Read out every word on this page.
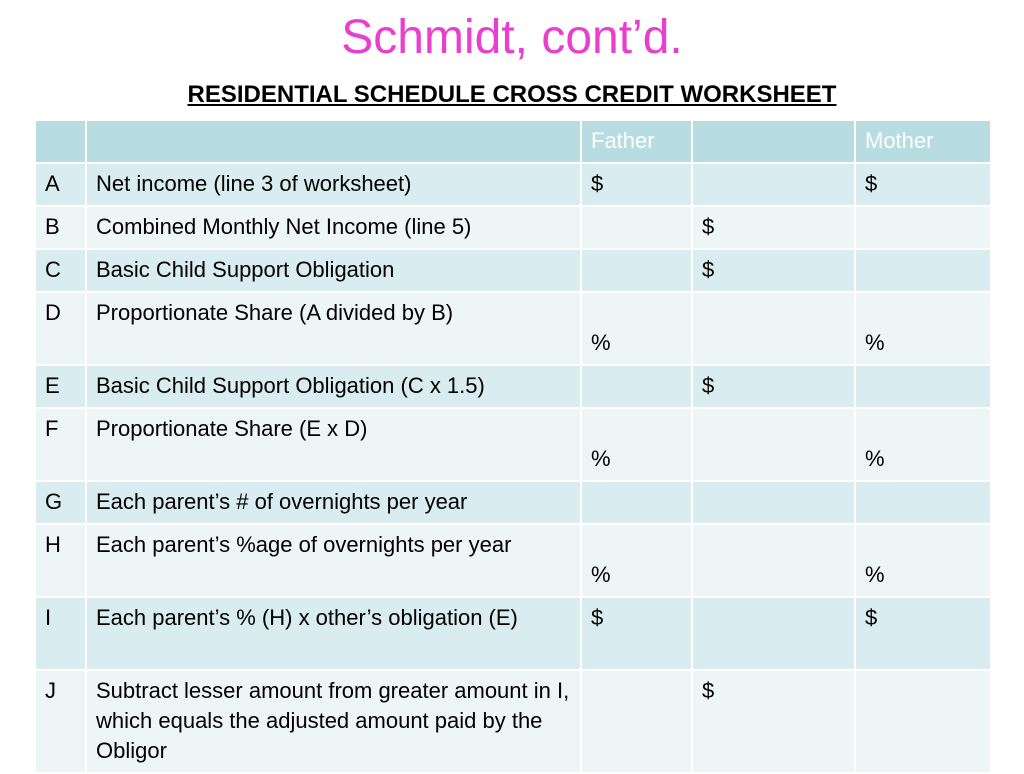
Schmidt, cont’d.
RESIDENTIAL SCHEDULE CROSS CREDIT WORKSHEET
		Father		Mother
A	Net income (line 3 of worksheet)	$		$
B	Combined Monthly Net Income (line 5)		$	
C	Basic Child Support Obligation		$	
D	Proportionate Share (A divided by B)	%		%

E	Basic Child Support Obligation (C x 1.5)		$	
F	Proportionate Share (E x D)	%		%

G	Each parent’s # of overnights per year			
H	Each parent’s %age of overnights per year	%		%

I	Each parent’s % (H) x other’s obligation (E)	$		$
J	Subtract lesser amount from greater amount in I, which equals the adjusted amount paid by the Obligor		$	
